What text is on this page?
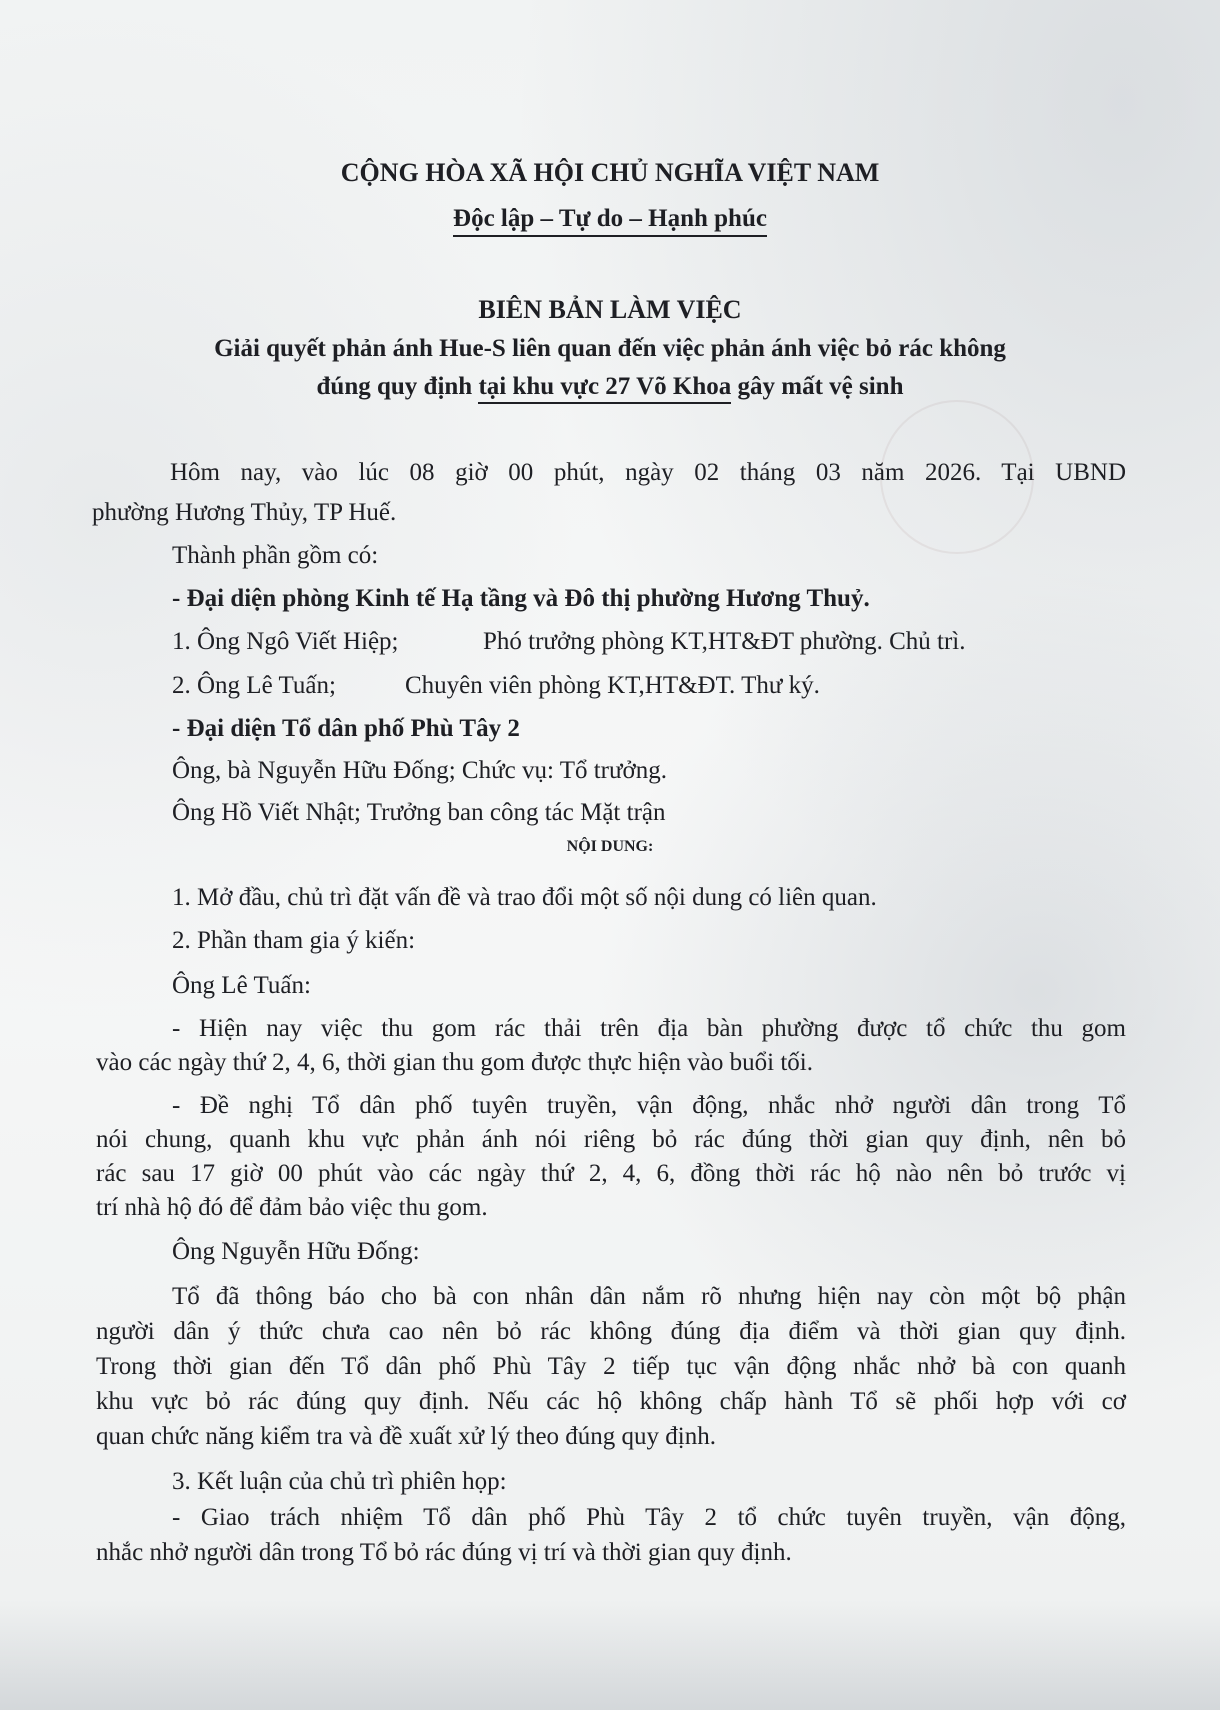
CỘNG HÒA XÃ HỘI CHỦ NGHĨA VIỆT NAM
Độc lập – Tự do – Hạnh phúc
BIÊN BẢN LÀM VIỆC
Giải quyết phản ánh Hue-S liên quan đến việc phản ánh việc bỏ rác không
đúng quy định tại khu vực 27 Võ Khoa gây mất vệ sinh
Hôm nay, vào lúc 08 giờ 00 phút, ngày 02 tháng 03 năm 2026. Tại UBND
phường Hương Thủy, TP Huế.
Thành phần gồm có:
- Đại diện phòng Kinh tế Hạ tầng và Đô thị phường Hương Thuỷ.
1. Ông Ngô Viết Hiệp;	Phó trưởng phòng KT,HT&ĐT phường. Chủ trì.
2. Ông Lê Tuấn;	Chuyên viên phòng KT,HT&ĐT. Thư ký.
- Đại diện Tổ dân phố Phù Tây 2
Ông, bà Nguyễn Hữu Đống; Chức vụ: Tổ trưởng.
Ông Hồ Viết Nhật; Trưởng ban công tác Mặt trận
NỘI DUNG:
1. Mở đầu, chủ trì đặt vấn đề và trao đổi một số nội dung có liên quan.
2. Phần tham gia ý kiến:
Ông Lê Tuấn:
- Hiện nay việc thu gom rác thải trên địa bàn phường được tổ chức thu gom
vào các ngày thứ 2, 4, 6, thời gian thu gom được thực hiện vào buổi tối.
- Đề nghị Tổ dân phố tuyên truyền, vận động, nhắc nhở người dân trong Tổ
nói chung, quanh khu vực phản ánh nói riêng bỏ rác đúng thời gian quy định, nên bỏ
rác sau 17 giờ 00 phút vào các ngày thứ 2, 4, 6, đồng thời rác hộ nào nên bỏ trước vị
trí nhà hộ đó để đảm bảo việc thu gom.
Ông Nguyễn Hữu Đống:
Tổ đã thông báo cho bà con nhân dân nắm rõ nhưng hiện nay còn một bộ phận
người dân ý thức chưa cao nên bỏ rác không đúng địa điểm và thời gian quy định.
Trong thời gian đến Tổ dân phố Phù Tây 2 tiếp tục vận động nhắc nhở bà con quanh
khu vực bỏ rác đúng quy định. Nếu các hộ không chấp hành Tổ sẽ phối hợp với cơ
quan chức năng kiểm tra và đề xuất xử lý theo đúng quy định.
3. Kết luận của chủ trì phiên họp:
- Giao trách nhiệm Tổ dân phố Phù Tây 2 tổ chức tuyên truyền, vận động,
nhắc nhở người dân trong Tổ bỏ rác đúng vị trí và thời gian quy định.
